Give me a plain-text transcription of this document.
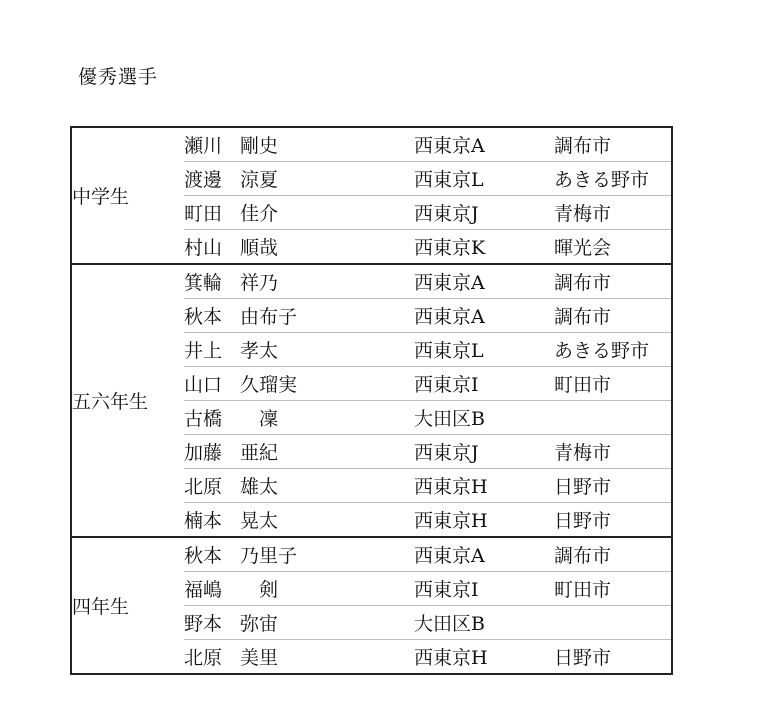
優秀選手
中学生	瀬川 剛史	西東京A	調布市
	渡邊 涼夏	西東京L	あきる野市
	町田 佳介	西東京J	青梅市
	村山 順哉	西東京K	暉光会
五六年生	箕輪 祥乃	西東京A	調布市
	秋本 由布子	西東京A	調布市
	井上 孝太	西東京L	あきる野市
	山口 久瑠実	西東京I	町田市
	古橋　凜	大田区B	
	加藤 亜紀	西東京J	青梅市
	北原 雄太	西東京H	日野市
	楠本 晃太	西東京H	日野市
四年生	秋本 乃里子	西東京A	調布市
	福嶋　剣	西東京I	町田市
	野本 弥宙	大田区B	
	北原 美里	西東京H	日野市
